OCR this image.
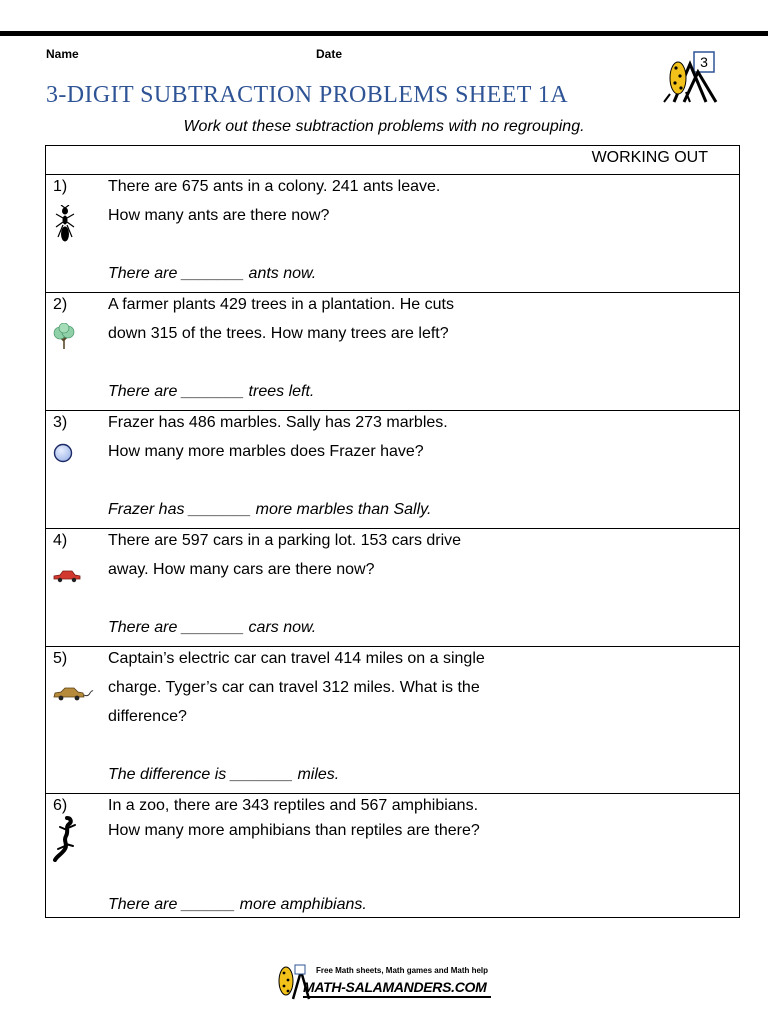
Name	Date	3
3-DIGIT SUBTRACTION PROBLEMS SHEET 1A
Work out these subtraction problems with no regrouping.
WORKING OUT
1)	There are 675 ants in a colony. 241 ants leave.
How many ants are there now?
There are _______ ants now.
2)	A farmer plants 429 trees in a plantation. He cuts
down 315 of the trees. How many trees are left?
There are _______ trees left.
3)	Frazer has 486 marbles. Sally has 273 marbles.
How many more marbles does Frazer have?
Frazer has _______ more marbles than Sally.
4)	There are 597 cars in a parking lot. 153 cars drive
away. How many cars are there now?
There are _______ cars now.
5)	Captain’s electric car can travel 414 miles on a single
charge. Tyger’s car can travel 312 miles. What is the
difference?
The difference is _______ miles.
6)	In a zoo, there are 343 reptiles and 567 amphibians.
How many more amphibians than reptiles are there?
There are ______ more amphibians.
Free Math sheets, Math games and Math help
MATH-SALAMANDERS.COM
